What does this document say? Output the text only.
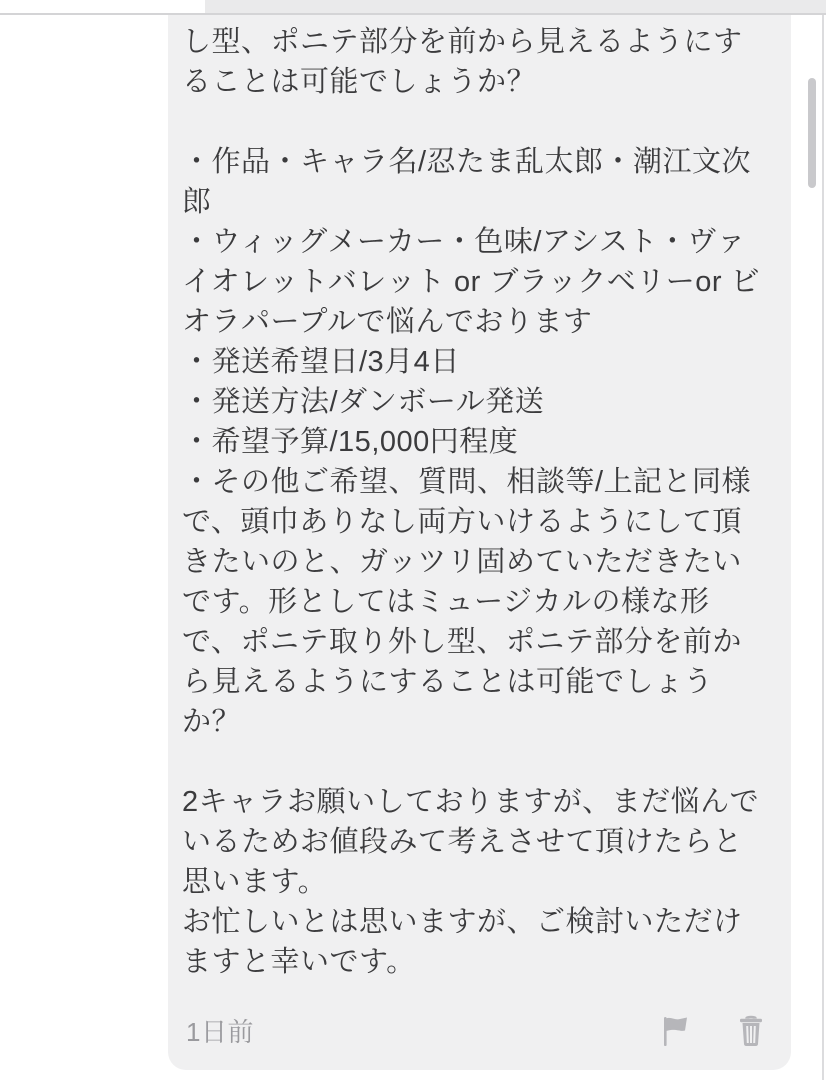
し型、ポニテ部分を前から見えるようにす
ることは可能でしょうか？
・作品・キャラ名/忍たま乱太郎・潮江文次
郎
・ウィッグメーカー・色味/アシスト・ヴァ
イオレットバレット or ブラックベリーor ビ
オラパープルで悩んでおります
・発送希望日/3月4日
・発送方法/ダンボール発送
・希望予算/15,000円程度
・その他ご希望、質問、相談等/上記と同様
で、頭巾ありなし両方いけるようにして頂
きたいのと、ガッツリ固めていただきたい
です。形としてはミュージカルの様な形
で、ポニテ取り外し型、ポニテ部分を前か
ら見えるようにすることは可能でしょう
か？
2キャラお願いしておりますが、まだ悩んで
いるためお値段みて考えさせて頂けたらと
思います。
お忙しいとは思いますが、ご検討いただけ
ますと幸いです。
1日前
